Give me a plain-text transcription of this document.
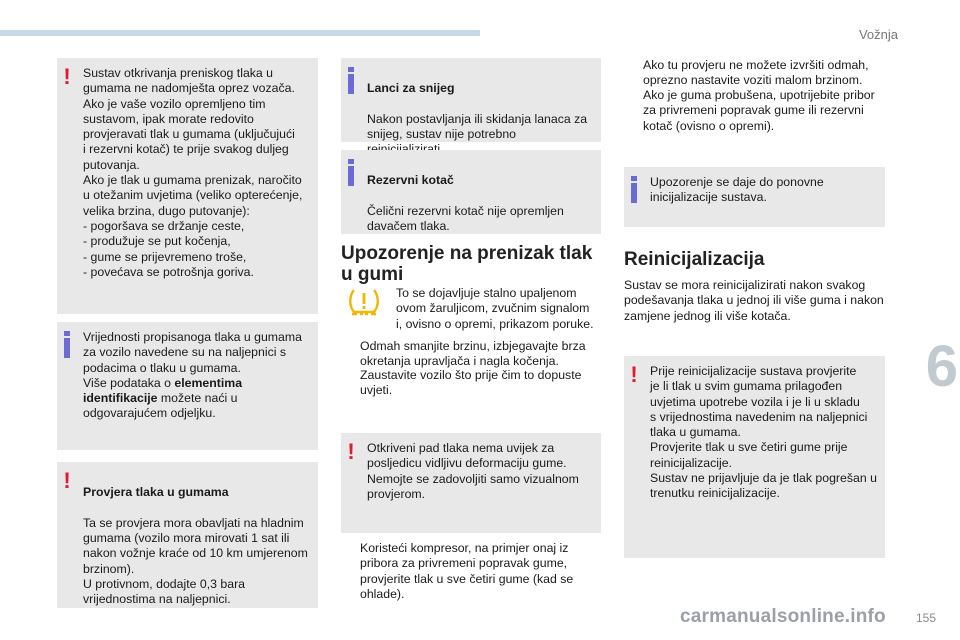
Vožnja
6
! Sustav otkrivanja preniskog tlaka u
gumama ne nadomješta oprez vozača.
Ako je vaše vozilo opremljeno tim
sustavom, ipak morate redovito
provjeravati tlak u gumama (uključujući
i rezervni kotač) te prije svakog duljeg
putovanja.
Ako je tlak u gumama prenizak, naročito
u otežanim uvjetima (veliko opterećenje,
velika brzina, dugo putovanje):
- pogoršava se držanje ceste,
- produžuje se put kočenja,
- gume se prijevremeno troše,
- povećava se potrošnja goriva.
Vrijednosti propisanoga tlaka u gumama
za vozilo navedene su na naljepnici s
podacima o tlaku u gumama.
Više podataka o elementima
identifikacije možete naći u
odgovarajućem odjeljku.
! Provjera tlaka u gumama

Ta se provjera mora obavljati na hladnim
gumama (vozilo mora mirovati 1 sat ili
nakon vožnje kraće od 10 km umjerenom
brzinom).
U protivnom, dodajte 0,3 bara
vrijednostima na naljepnici.

Lanci za snijeg

Nakon postavljanja ili skidanja lanaca za
snijeg, sustav nije potrebno

Rezervni kotač

Čelični rezervni kotač nije opremljen
davačem tlaka.

Upozorenje na prenizak tlak
u gumi
To se dojavljuje stalno upaljenom
ovom žaruljicom, zvučnim signalom
i, ovisno o opremi, prikazom poruke.
Odmah smanjite brzinu, izbjegavajte brza
okretanja upravljača i nagla kočenja.
Zaustavite vozilo što prije čim to dopuste
uvjeti.
! Otkriveni pad tlaka nema uvijek za
posljedicu vidljivu deformaciju gume.
Nemojte se zadovoljiti samo vizualnom
provjerom.
Koristeći kompresor, na primjer onaj iz
pribora za privremeni popravak gume,
provjerite tlak u sve četiri gume (kad se
ohlade).
Ako tu provjeru ne možete izvršiti odmah,
oprezno nastavite voziti malom brzinom.
Ako je guma probušena, upotrijebite pribor
za privremeni popravak gume ili rezervni
kotač (ovisno o opremi).
Upozorenje se daje do ponovne
inicijalizacije sustava.
Reinicijalizacija
Sustav se mora reinicijalizirati nakon svakog
podešavanja tlaka u jednoj ili više guma i nakon
zamjene jednog ili više kotača.
! Prije reinicijalizacije sustava provjerite
je li tlak u svim gumama prilagođen
uvjetima upotrebe vozila i je li u skladu
s vrijednostima navedenim na naljepnici
tlaka u gumama.
Provjerite tlak u sve četiri gume prije
reinicijalizacije.
Sustav ne prijavljuje da je tlak pogrešan u
trenutku reinicijalizacije.
155
carmanualsonline.info
